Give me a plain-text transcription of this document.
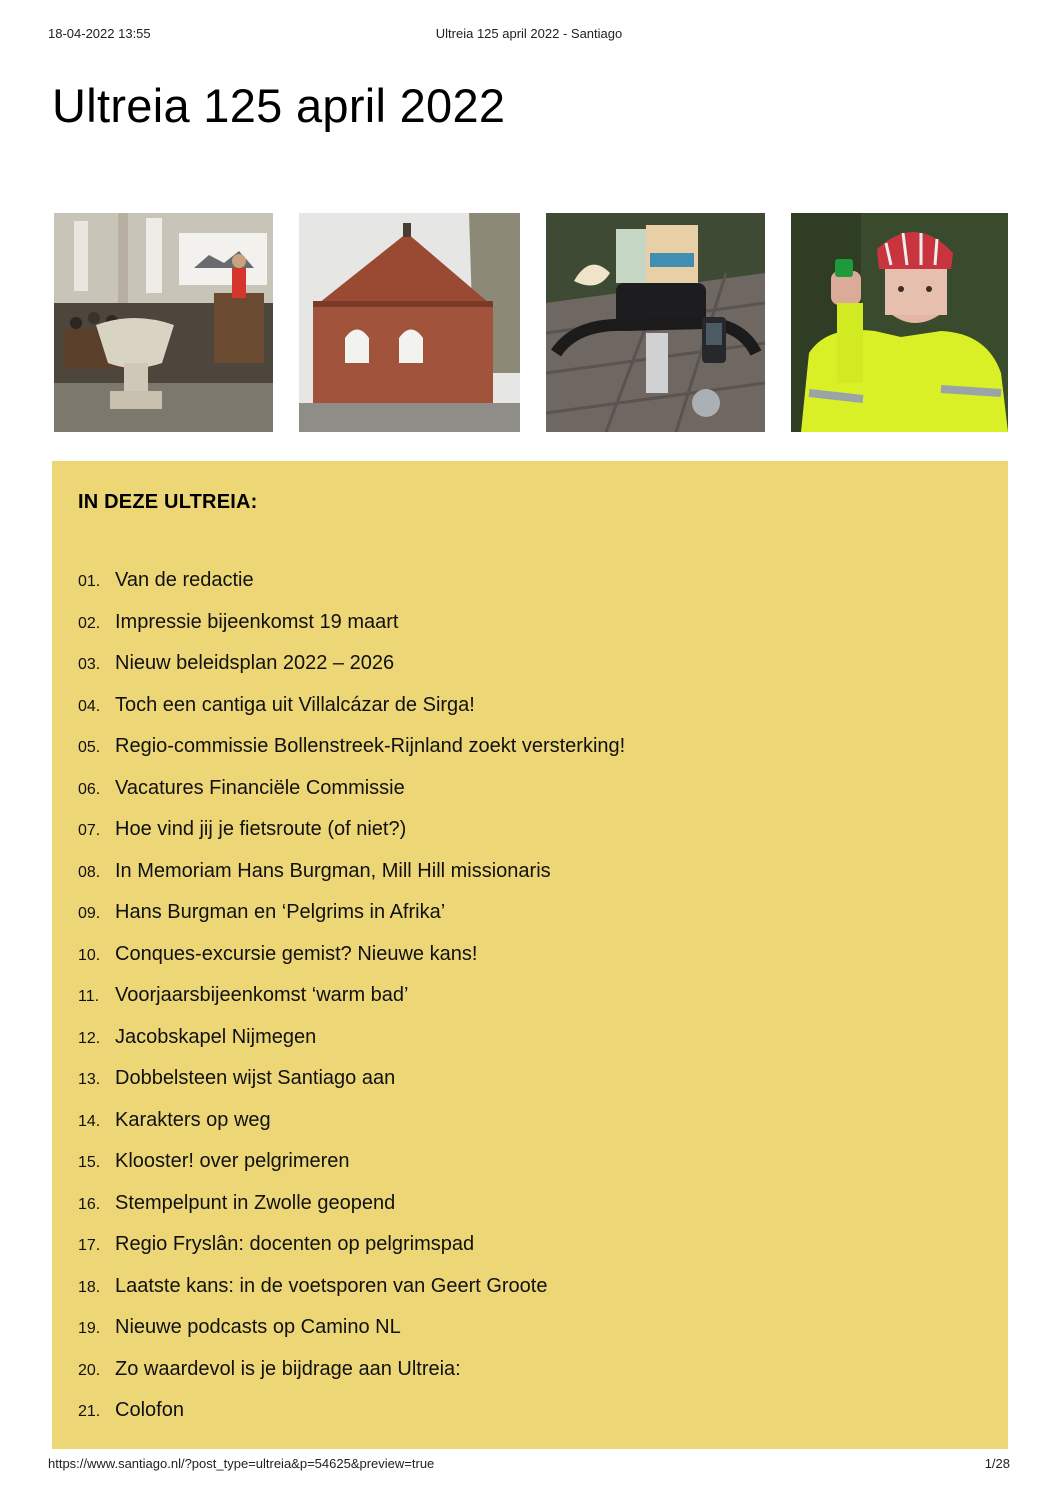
Ultreia 125 april 2022 - Santiago
18-04-2022 13:55
Ultreia 125 april 2022
IN DEZE ULTREIA:
01. Van de redactie
02. Impressie bijeenkomst 19 maart
03. Nieuw beleidsplan 2022 – 2026
04. Toch een cantiga uit Villalcázar de Sirga!
05. Regio-commissie Bollenstreek-Rijnland zoekt versterking!
06. Vacatures Financiële Commissie
07. Hoe vind jij je fietsroute (of niet?)
08. In Memoriam Hans Burgman, Mill Hill missionaris
09. Hans Burgman en ‘Pelgrims in Afrika’
10. Conques-excursie gemist? Nieuwe kans!
11. Voorjaarsbijeenkomst ‘warm bad’
12. Jacobskapel Nijmegen
13. Dobbelsteen wijst Santiago aan
14. Karakters op weg
15. Klooster! over pelgrimeren
16. Stempelpunt in Zwolle geopend
17. Regio Fryslân: docenten op pelgrimspad
18. Laatste kans: in de voetsporen van Geert Groote
19. Nieuwe podcasts op Camino NL
20. Zo waardevol is je bijdrage aan Ultreia:
21. Colofon
https://www.santiago.nl/?post_type=ultreia&p=54625&preview=true	1/28
